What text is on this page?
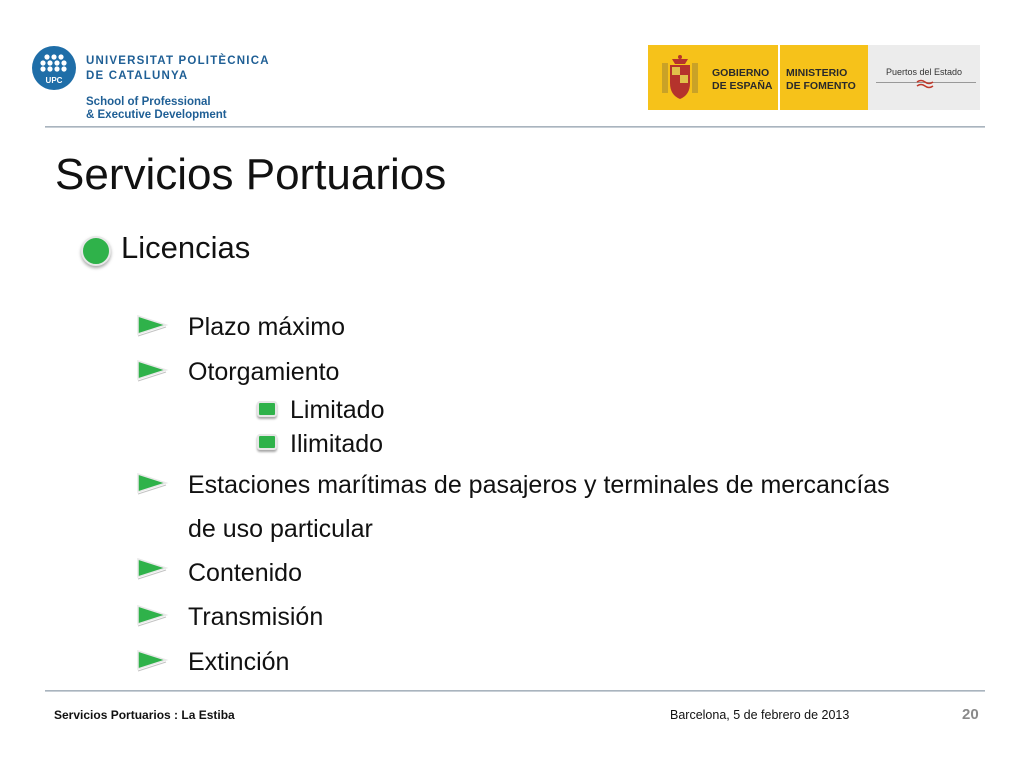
UPC
UNIVERSITAT POLITÈCNICA
DE CATALUNYA
School of Professional
& Executive Development
GOBIERNO
DE ESPAÑA
MINISTERIO
DE FOMENTO
Puertos del Estado
Servicios Portuarios
Licencias
Plazo máximo
Otorgamiento
Limitado
Ilimitado
Estaciones marítimas de pasajeros y terminales de mercancías
de uso particular
Contenido
Transmisión
Extinción
Servicios Portuarios : La Estiba	Barcelona, 5 de febrero de 2013	20
